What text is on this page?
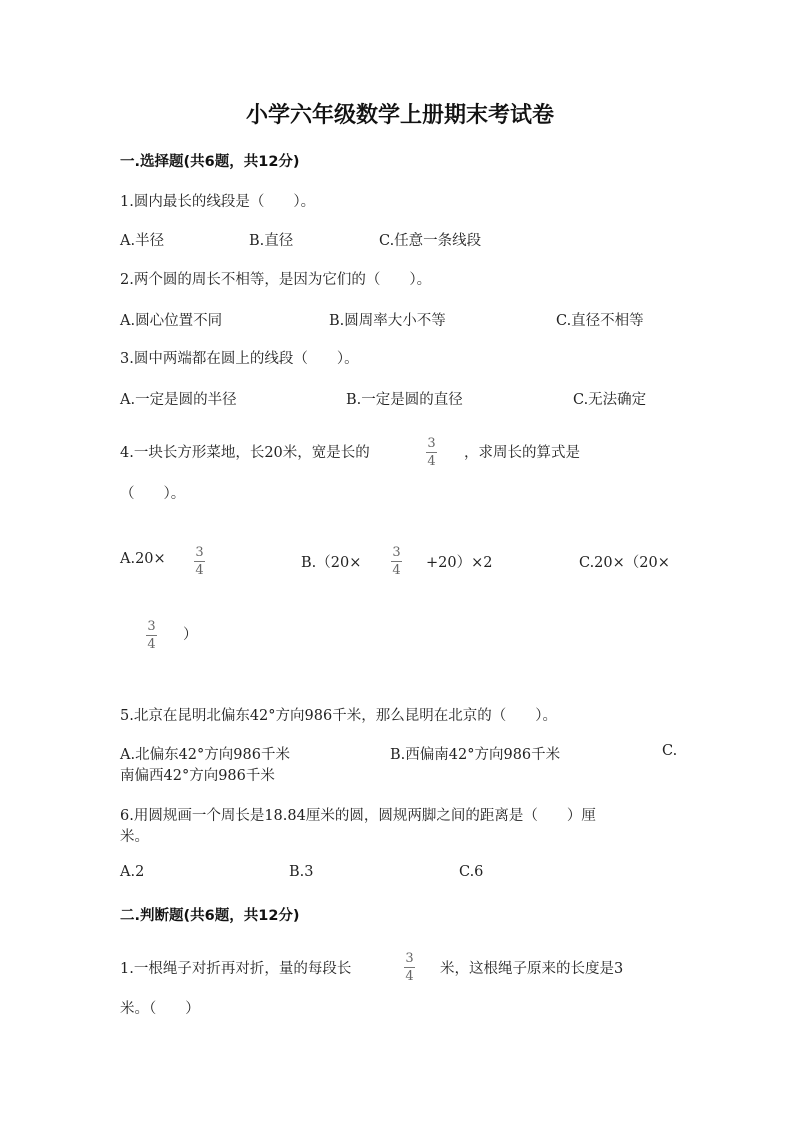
小学六年级数学上册期末考试卷
一.选择题(共6题，共12分)
1.圆内最长的线段是（　　）。
A.半径	B.直径	C.任意一条线段
2.两个圆的周长不相等，是因为它们的（　　）。
A.圆心位置不同	B.圆周率大小不等	C.直径不相等
3.圆中两端都在圆上的线段（　　）。
A.一定是圆的半径	B.一定是圆的直径	C.无法确定
4.一块长方形菜地，长20米，宽是长的
3
4
，求周长的算式是
（　　）。
A.20× 3
4	B.（20×
3
4 +20）×2	C.20×（20×
3
4
）
5.北京在昆明北偏东42°方向986千米，那么昆明在北京的（　　）。
A.北偏东42°方向986千米	B.西偏南42°方向986千米	C.
南偏西42°方向986千米
6.用圆规画一个周长是18.84厘米的圆，圆规两脚之间的距离是（　　）厘
米。
A.2	B.3	C.6
二.判断题(共6题，共12分)
1.一根绳子对折再对折，量的每段长
3
4 米，这根绳子原来的长度是3
米。（　　）
